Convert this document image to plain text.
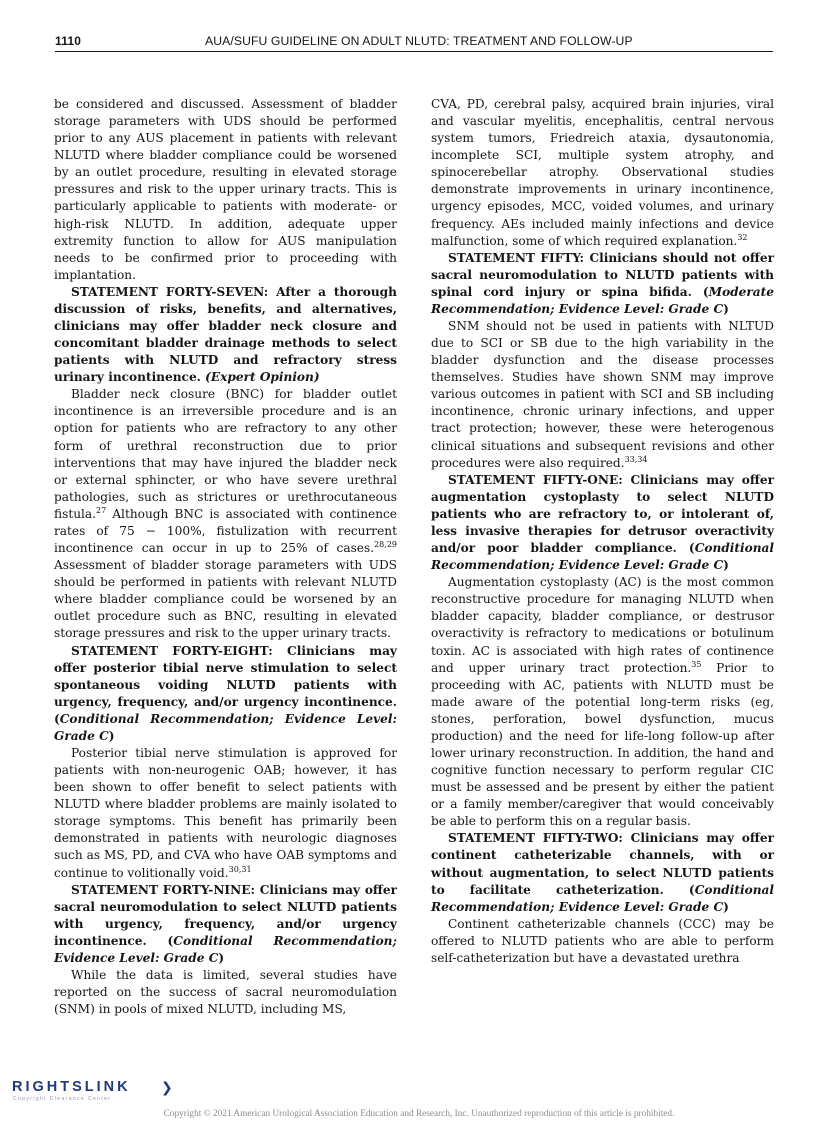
1110	AUA/SUFU GUIDELINE ON ADULT NLUTD: TREATMENT AND FOLLOW-UP

be considered and discussed. Assessment of bladder storage parameters with UDS should be performed prior to any AUS placement in patients with relevant NLUTD where bladder compliance could be worsened by an outlet procedure, resulting in elevated storage pressures and risk to the upper urinary tracts. This is particularly applicable to patients with moderate- or high-risk NLUTD. In addition, adequate upper extremity function to allow for AUS manipulation needs to be confirmed prior to proceeding with implantation.

STATEMENT FORTY-SEVEN: After a thorough discussion of risks, benefits, and alternatives, clinicians may offer bladder neck closure and concomitant bladder drainage methods to select patients with NLUTD and refractory stress urinary incontinence. (Expert Opinion)

Bladder neck closure (BNC) for bladder outlet incontinence is an irreversible procedure and is an option for patients who are refractory to any other form of urethral reconstruction due to prior interventions that may have injured the bladder neck or external sphincter, or who have severe urethral pathologies, such as strictures or urethrocutaneous fistula.$^{27}$ Although BNC is associated with continence rates of 75 − 100%, fistulization with recurrent incontinence can occur in up to 25% of cases.$^{28,29}$ Assessment of bladder storage parameters with UDS should be performed in patients with relevant NLUTD where bladder compliance could be worsened by an outlet procedure such as BNC, resulting in elevated storage pressures and risk to the upper urinary tracts.

STATEMENT FORTY-EIGHT: Clinicians may offer posterior tibial nerve stimulation to select spontaneous voiding NLUTD patients with urgency, frequency, and/or urgency incontinence. (Conditional Recommendation; Evidence Level: Grade C)

Posterior tibial nerve stimulation is approved for patients with non-neurogenic OAB; however, it has been shown to offer benefit to select patients with NLUTD where bladder problems are mainly isolated to storage symptoms. This benefit has primarily been demonstrated in patients with neurologic diagnoses such as MS, PD, and CVA who have OAB symptoms and continue to volitionally void.$^{30,31}$

STATEMENT FORTY-NINE: Clinicians may offer sacral neuromodulation to select NLUTD patients with urgency, frequency, and/or urgency incontinence. (Conditional Recommendation; Evidence Level: Grade C)

While the data is limited, several studies have reported on the success of sacral neuromodulation (SNM) in pools of mixed NLUTD, including MS,

CVA, PD, cerebral palsy, acquired brain injuries, viral and vascular myelitis, encephalitis, central nervous system tumors, Friedreich ataxia, dysautonomia, incomplete SCI, multiple system atrophy, and spinocerebellar atrophy. Observational studies demonstrate improvements in urinary incontinence, urgency episodes, MCC, voided volumes, and urinary frequency. AEs included mainly infections and device malfunction, some of which required explanation.$^{32}$

STATEMENT FIFTY: Clinicians should not offer sacral neuromodulation to NLUTD patients with spinal cord injury or spina bifida. (Moderate Recommendation; Evidence Level: Grade C)

SNM should not be used in patients with NLTUD due to SCI or SB due to the high variability in the bladder dysfunction and the disease processes themselves. Studies have shown SNM may improve various outcomes in patient with SCI and SB including incontinence, chronic urinary infections, and upper tract protection; however, these were heterogenous clinical situations and subsequent revisions and other procedures were also required.$^{33,34}$

STATEMENT FIFTY-ONE: Clinicians may offer augmentation cystoplasty to select NLUTD patients who are refractory to, or intolerant of, less invasive therapies for detrusor overactivity and/or poor bladder compliance. (Conditional Recommendation; Evidence Level: Grade C)

Augmentation cystoplasty (AC) is the most common reconstructive procedure for managing NLUTD when bladder capacity, bladder compliance, or destrusor overactivity is refractory to medications or botulinum toxin. AC is associated with high rates of continence and upper urinary tract protection.$^{35}$ Prior to proceeding with AC, patients with NLUTD must be made aware of the potential long-term risks (eg, stones, perforation, bowel dysfunction, mucus production) and the need for life-long follow-up after lower urinary reconstruction. In addition, the hand and cognitive function necessary to perform regular CIC must be assessed and be present by either the patient or a family member/caregiver that would conceivably be able to perform this on a regular basis.

STATEMENT FIFTY-TWO: Clinicians may offer continent catheterizable channels, with or without augmentation, to select NLUTD patients to facilitate catheterization. (Conditional Recommendation; Evidence Level: Grade C)

Continent catheterizable channels (CCC) may be offered to NLUTD patients who are able to perform self-catheterization but have a devastated urethra

RIGHTSLINK ❯
Copyright Clearance Center
Copyright © 2021 American Urological Association Education and Research, Inc. Unauthorized reproduction of this article is prohibited.
